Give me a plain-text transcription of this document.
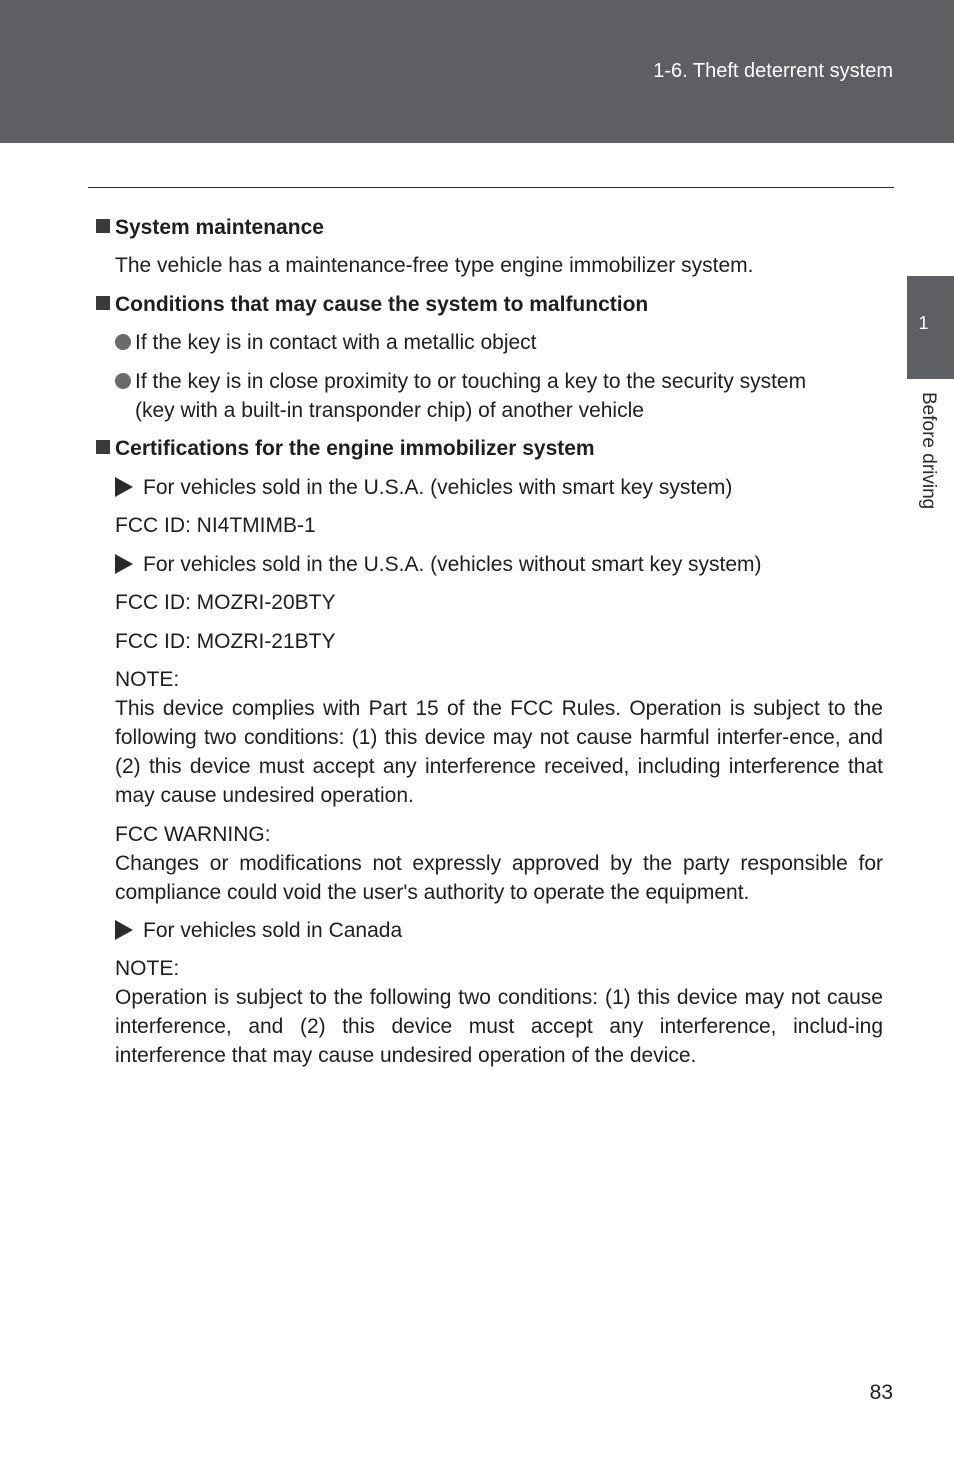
1-6. Theft deterrent system
1
Before driving
System maintenance
The vehicle has a maintenance-free type engine immobilizer system.
Conditions that may cause the system to malfunction
If the key is in contact with a metallic object
If the key is in close proximity to or touching a key to the security system
(key with a built-in transponder chip) of another vehicle
Certifications for the engine immobilizer system
For vehicles sold in the U.S.A. (vehicles with smart key system)
FCC ID: NI4TMIMB-1
For vehicles sold in the U.S.A. (vehicles without smart key system)
FCC ID: MOZRI-20BTY
FCC ID: MOZRI-21BTY
NOTE:
This device complies with Part 15 of the FCC Rules. Operation is subject to the following two conditions: (1) this device may not cause harmful interfer-ence, and (2) this device must accept any interference received, including interference that may cause undesired operation.
FCC WARNING:
Changes or modifications not expressly approved by the party responsible for compliance could void the user's authority to operate the equipment.
For vehicles sold in Canada
NOTE:
Operation is subject to the following two conditions: (1) this device may not cause interference, and (2) this device must accept any interference, includ-ing interference that may cause undesired operation of the device.
83
